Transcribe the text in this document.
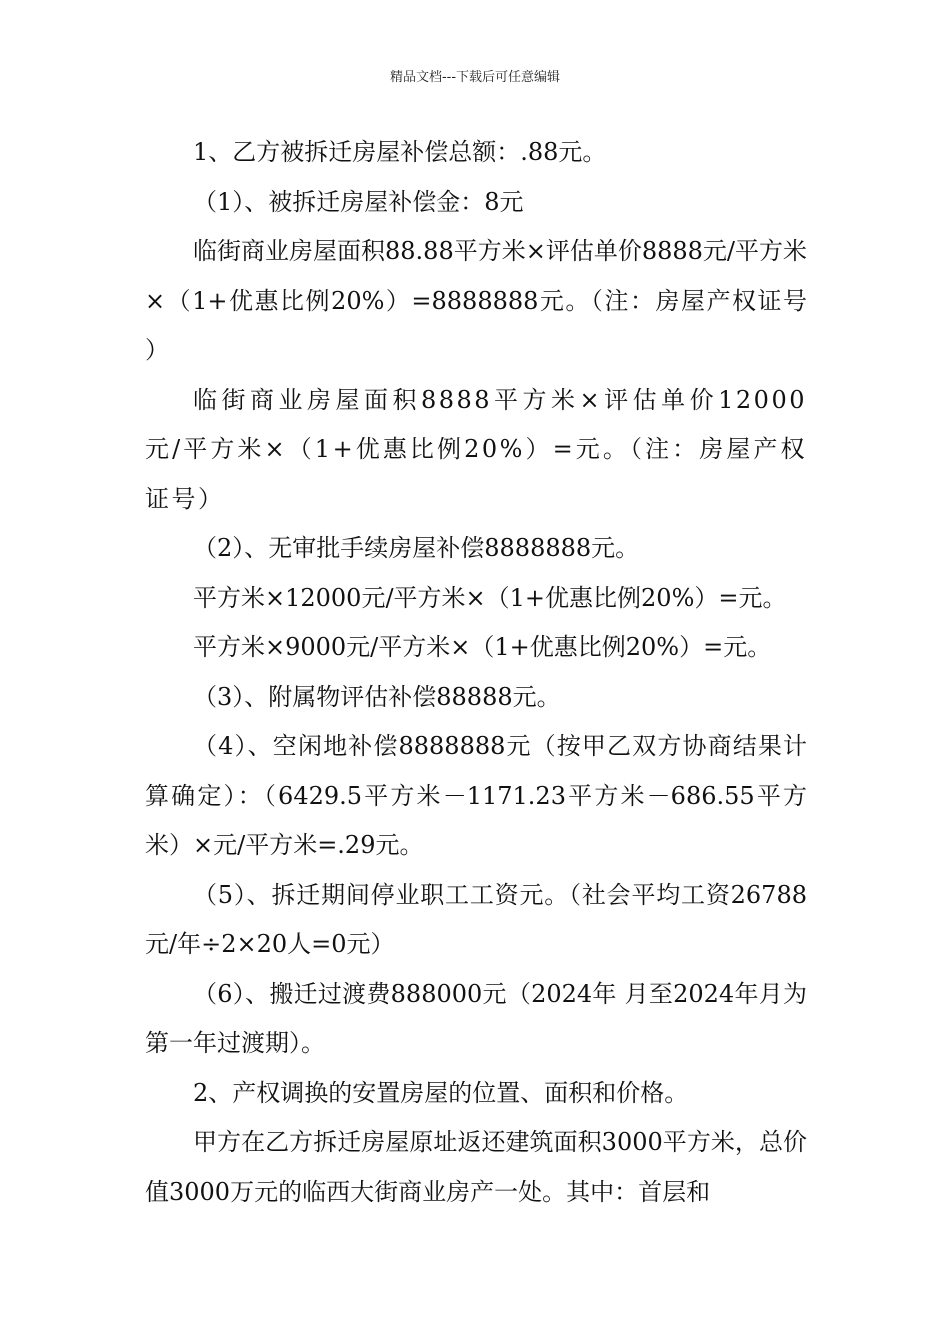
精品文档---下载后可任意编辑

1、乙方被拆迁房屋补偿总额：.88元。

（1）、被拆迁房屋补偿金：8元

临街商业房屋面积88.88平方米×评估单价8888元/平方米×（1+优惠比例20%）=8888888元。（注：房屋产权证号                ）

临街商业房屋面积8888平方米×评估单价12000元/平方米×（1+优惠比例20%）=元。（注：房屋产权证号）

（2）、无审批手续房屋补偿8888888元。

平方米×12000元/平方米×（1+优惠比例20%）=元。

平方米×9000元/平方米×（1+优惠比例20%）=元。

（3）、附属物评估补偿88888元。

（4）、空闲地补偿8888888元（按甲乙双方协商结果计算确定）：（6429.5平方米－1171.23平方米－686.55平方米）×元/平方米=.29元。

（5）、拆迁期间停业职工工资元。（社会平均工资26788元/年÷2×20人=0元）

（6）、搬迁过渡费888000元（2024年 月至2024年月为第一年过渡期）。

2、产权调换的安置房屋的位置、面积和价格。

甲方在乙方拆迁房屋原址返还建筑面积3000平方米，总价值3000万元的临西大街商业房产一处。其中：首层和
